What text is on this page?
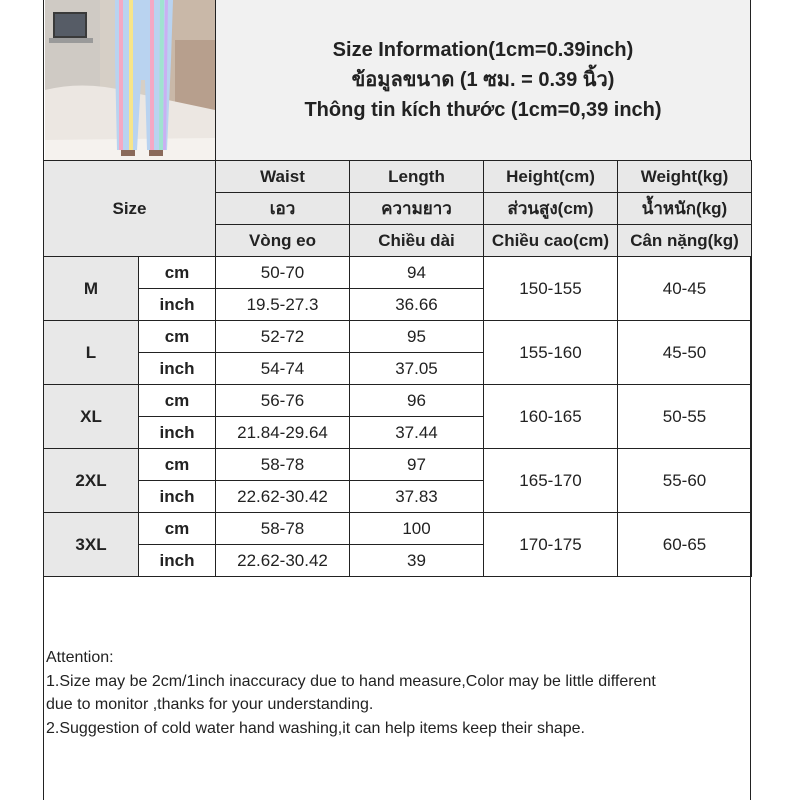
Size Information(1cm=0.39inch)
ข้อมูลขนาด (1 ซม. = 0.39 นิ้ว)
Thông tin kích thước (1cm=0,39 inch)
Size		Waist	Length	Height(cm)	Weight(kg)
		เอว	ความยาว	ส่วนสูง(cm)	น้ำหนัก(kg)
		Vòng eo	Chiều dài	Chiều cao(cm)	Cân nặng(kg)
M	cm	50-70	94	150-155	40-45
	inch	19.5-27.3	36.66		
L	cm	52-72	95	155-160	45-50
	inch	54-74	37.05		
XL	cm	56-76	96	160-165	50-55
	inch	21.84-29.64	37.44		
2XL	cm	58-78	97	165-170	55-60
	inch	22.62-30.42	37.83		
3XL	cm	58-78	100	170-175	60-65
	inch	22.62-30.42	39		
Attention:
1.Size may be 2cm/1inch inaccuracy due to hand measure,Color may be little different
due to monitor ,thanks for your understanding.
2.Suggestion of cold water hand washing,it can help items keep their shape.
